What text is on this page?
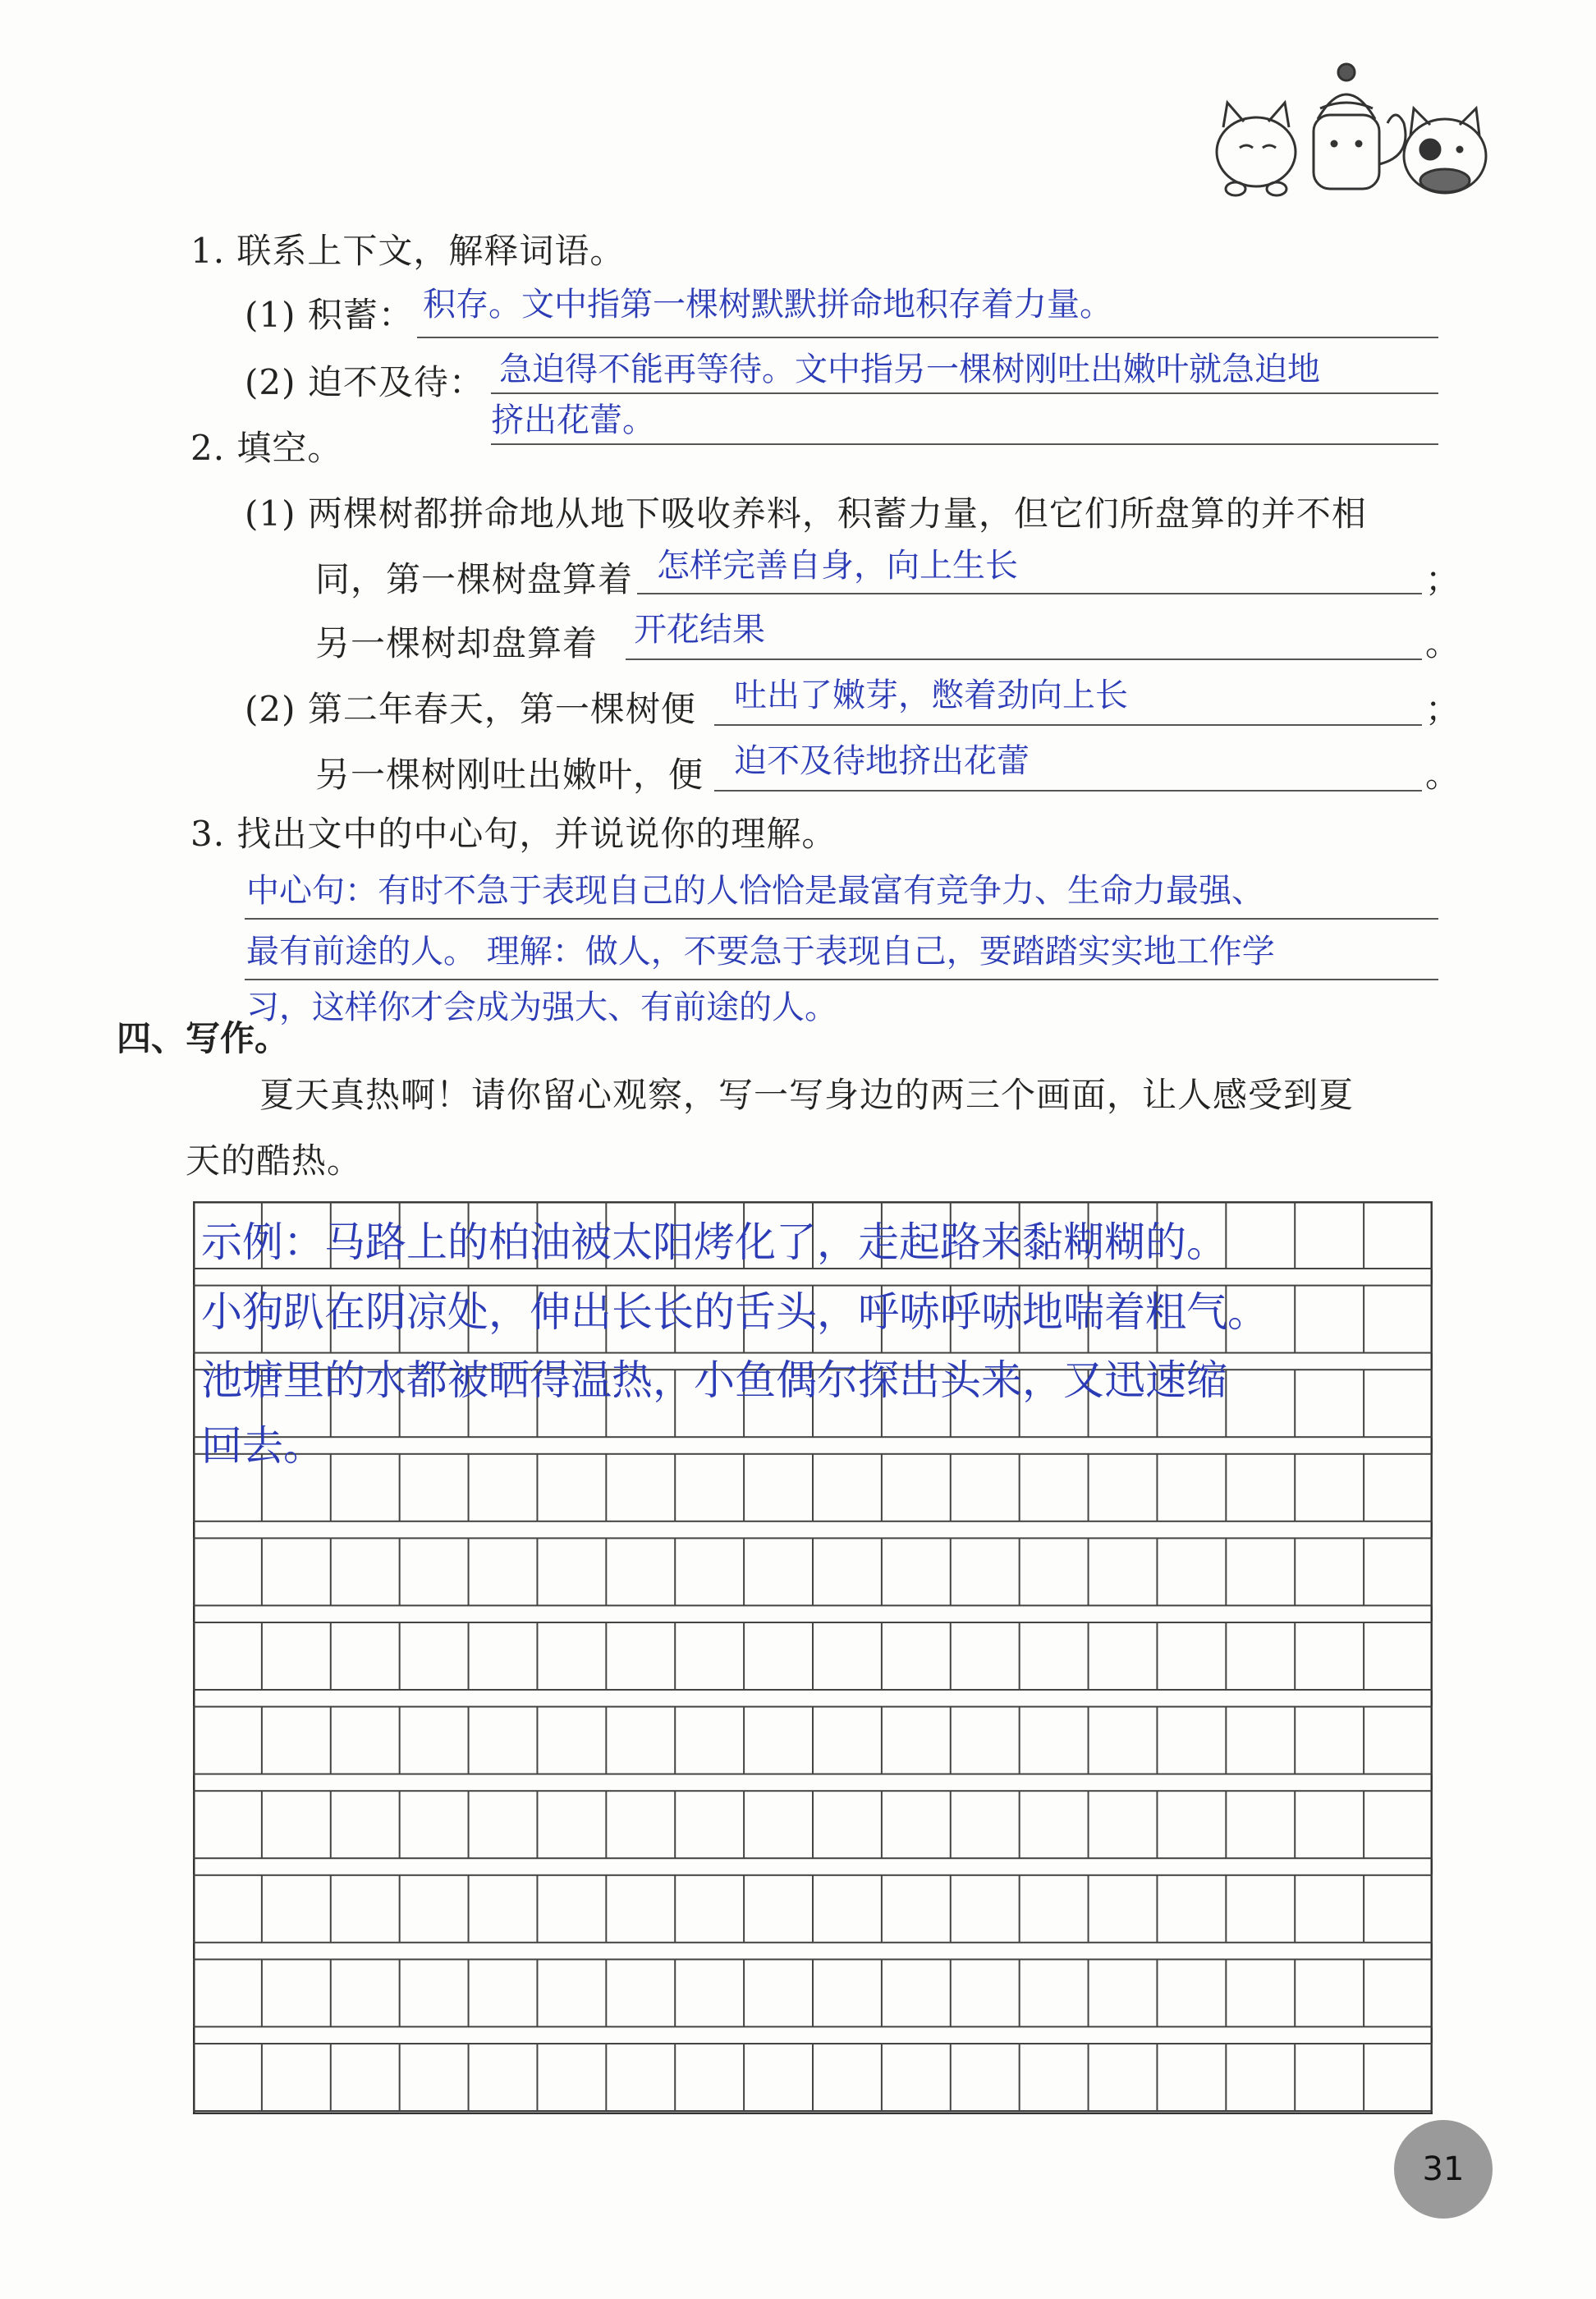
1. 联系上下文，解释词语。
(1) 积蓄： 积存。文中指第一棵树默默拼命地积存着力量。
(2) 迫不及待： 急迫得不能再等待。文中指另一棵树刚吐出嫩叶就急迫地
挤出花蕾。
2. 填空。
(1) 两棵树都拼命地从地下吸收养料，积蓄力量，但它们所盘算的并不相
同，第一棵树盘算着 怎样完善自身，向上生长	；
另一棵树却盘算着 开花结果	。
(2) 第二年春天，第一棵树便 吐出了嫩芽，憋着劲向上长	；
另一棵树刚吐出嫩叶，便 迫不及待地挤出花蕾	。
3. 找出文中的中心句，并说说你的理解。
中心句：有时不急于表现自己的人恰恰是最富有竞争力、生命力最强、
最有前途的人。 理解：做人，不要急于表现自己，要踏踏实实地工作学
习，这样你才会成为强大、有前途的人。
四、写作。
夏天真热啊！请你留心观察，写一写身边的两三个画面，让人感受到夏
天的酷热。
示例：马路上的柏油被太阳烤化了，走起路来黏糊糊的。
小狗趴在阴凉处，伸出长长的舌头，呼哧呼哧地喘着粗气。
池塘里的水都被晒得温热，小鱼偶尔探出头来，又迅速缩
回去。
31
